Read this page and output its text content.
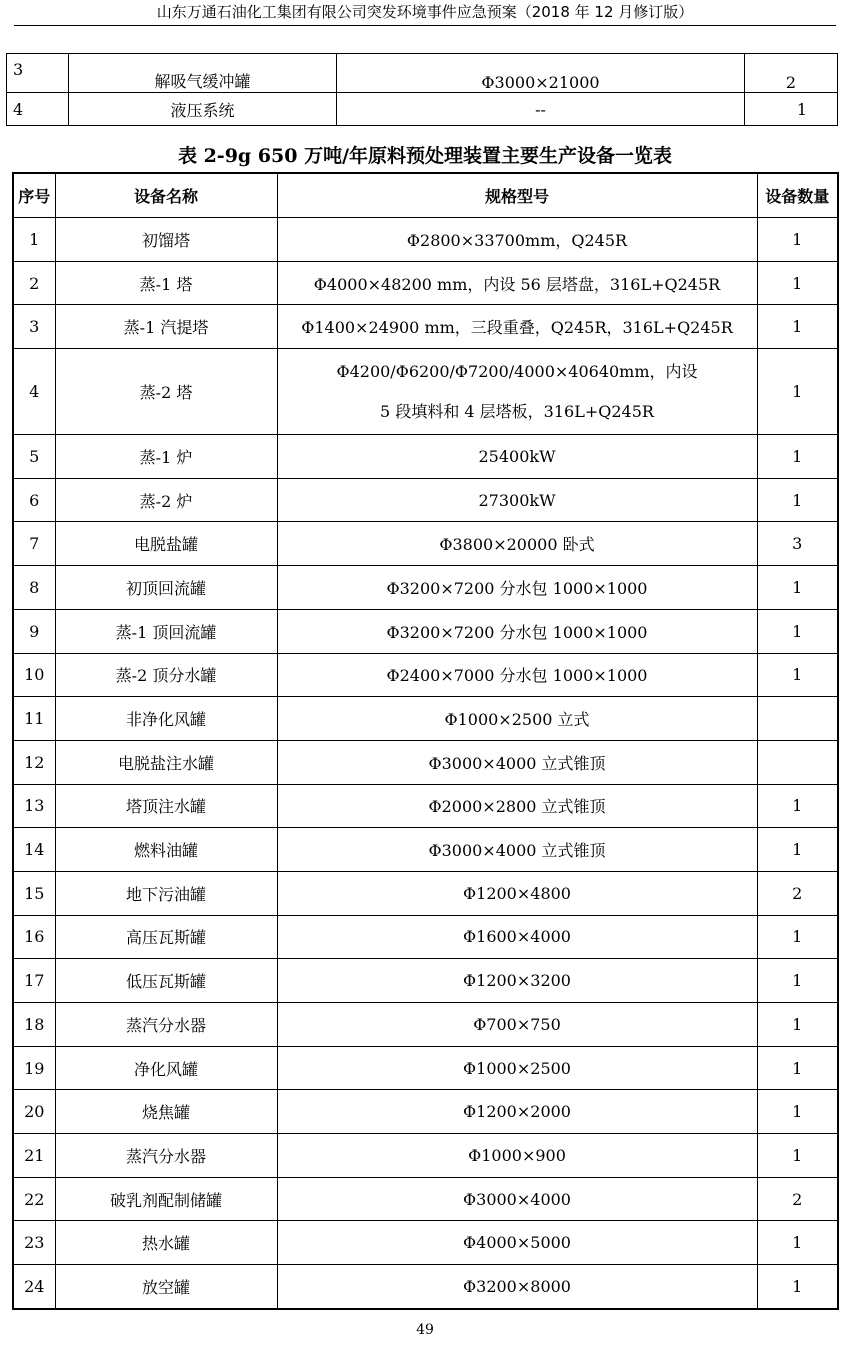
山东万通石油化工集团有限公司突发环境事件应急预案（2018 年 12 月修订版）
3	解吸气缓冲罐	Φ3000×21000	2
4	液压系统	--	1
表 2-9g 650 万吨/年原料预处理装置主要生产设备一览表
序号	设备名称	规格型号	设备数量
1	初馏塔	Φ2800×33700mm，Q245R	1
2	蒸-1 塔	Φ4000×48200 mm，内设 56 层塔盘，316L+Q245R	1
3	蒸-1 汽提塔	Φ1400×24900 mm，三段重叠，Q245R，316L+Q245R	1
4	蒸-2 塔	Φ4200/Φ6200/Φ7200/4000×40640mm，内设
5 段填料和 4 层塔板，316L+Q245R	1
5	蒸-1 炉	25400kW	1
6	蒸-2 炉	27300kW	1
7	电脱盐罐	Φ3800×20000 卧式	3
8	初顶回流罐	Φ3200×7200 分水包 1000×1000	1
9	蒸-1 顶回流罐	Φ3200×7200 分水包 1000×1000	1
10	蒸-2 顶分水罐	Φ2400×7000 分水包 1000×1000	1
11	非净化风罐	Φ1000×2500 立式	
12	电脱盐注水罐	Φ3000×4000 立式锥顶	
13	塔顶注水罐	Φ2000×2800 立式锥顶	1
14	燃料油罐	Φ3000×4000 立式锥顶	1
15	地下污油罐	Φ1200×4800	2
16	高压瓦斯罐	Φ1600×4000	1
17	低压瓦斯罐	Φ1200×3200	1
18	蒸汽分水器	Φ700×750	1
19	净化风罐	Φ1000×2500	1
20	烧焦罐	Φ1200×2000	1
21	蒸汽分水器	Φ1000×900	1
22	破乳剂配制储罐	Φ3000×4000	2
23	热水罐	Φ4000×5000	1
24	放空罐	Φ3200×8000	1
49
